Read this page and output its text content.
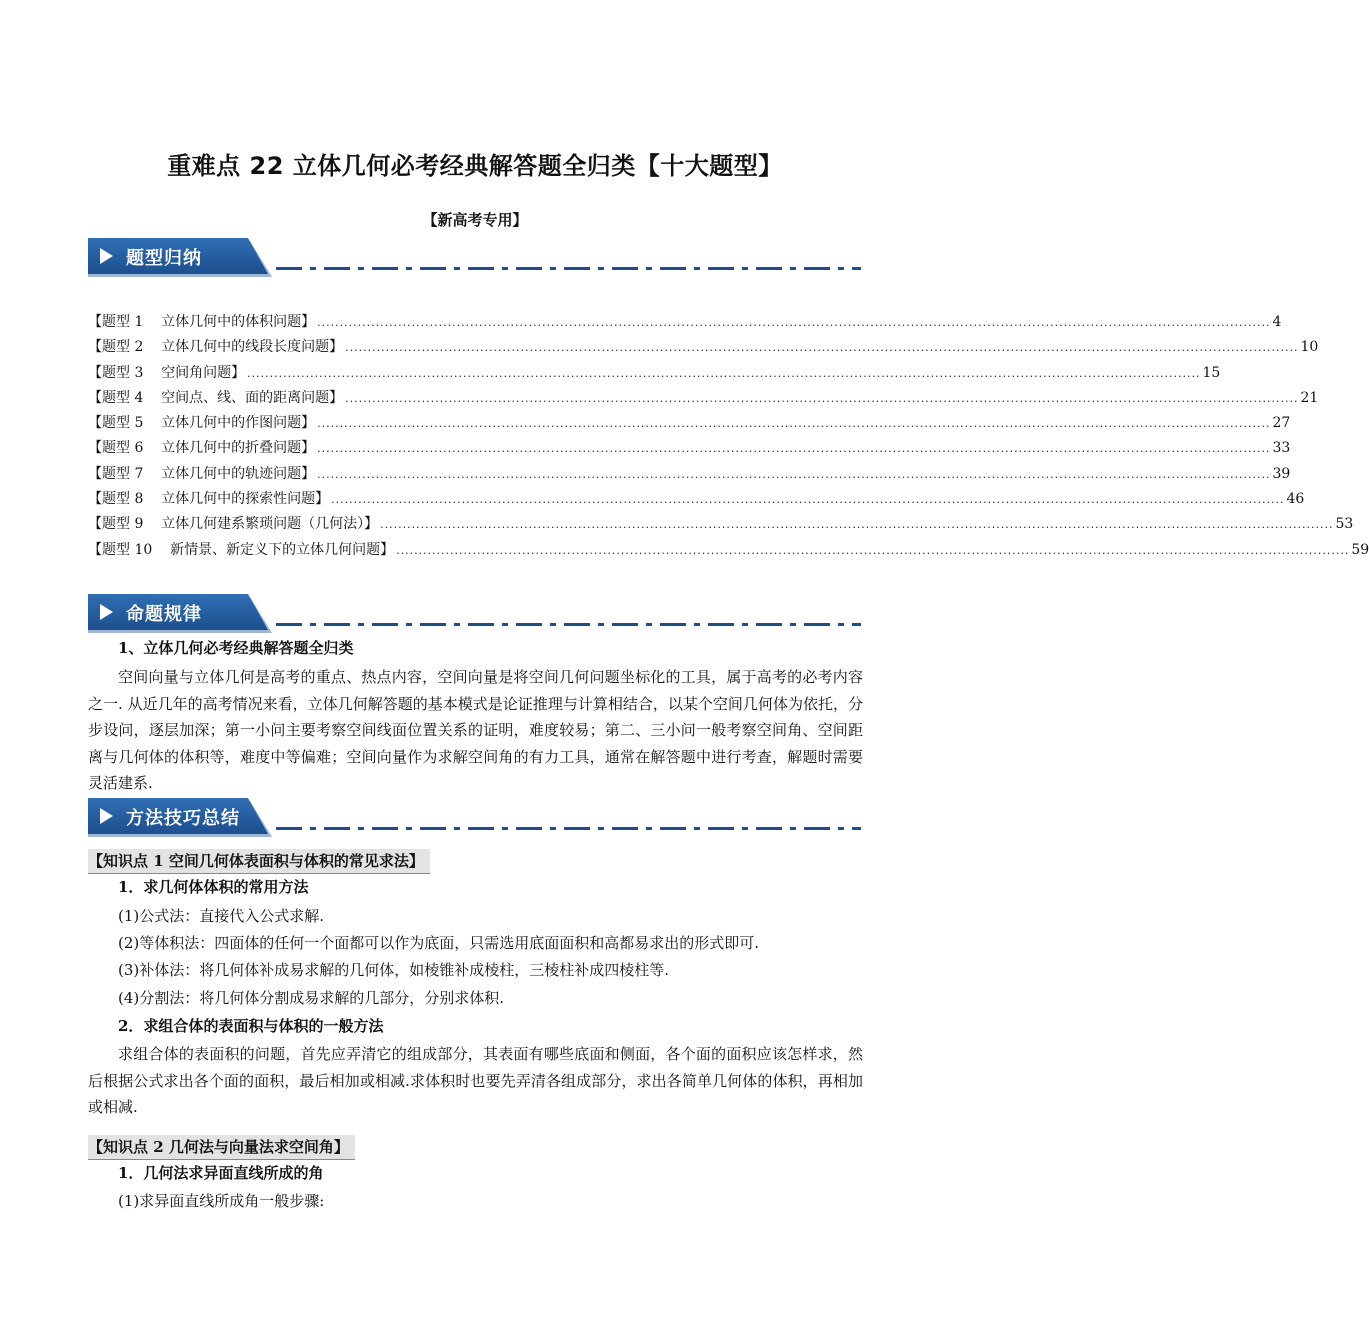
重难点 22 立体几何必考经典解答题全归类【十大题型】
【新高考专用】
题型归纳
【题型 1    立体几何中的体积问题】 .................................................................................................................................................................................................................... 4
【题型 2    立体几何中的线段长度问题】 .................................................................................................................................................................................................................... 10
【题型 3    空间角问题】 .................................................................................................................................................................................................................... 15
【题型 4    空间点、线、面的距离问题】 .................................................................................................................................................................................................................... 21
【题型 5    立体几何中的作图问题】 .................................................................................................................................................................................................................... 27
【题型 6    立体几何中的折叠问题】 .................................................................................................................................................................................................................... 33
【题型 7    立体几何中的轨迹问题】 .................................................................................................................................................................................................................... 39
【题型 8    立体几何中的探索性问题】 .................................................................................................................................................................................................................... 46
【题型 9    立体几何建系繁琐问题（几何法）】 .................................................................................................................................................................................................................... 53
【题型 10    新情景、新定义下的立体几何问题】 .................................................................................................................................................................................................................... 59
命题规律
1、立体几何必考经典解答题全归类
空间向量与立体几何是高考的重点、热点内容，空间向量是将空间几何问题坐标化的工具，属于高考的必考内容之一. 从近几年的高考情况来看，立体几何解答题的基本模式是论证推理与计算相结合，以某个空间几何体为依托，分步设问，逐层加深；第一小问主要考察空间线面位置关系的证明，难度较易；第二、三小问一般考察空间角、空间距离与几何体的体积等，难度中等偏难；空间向量作为求解空间角的有力工具，通常在解答题中进行考查，解题时需要灵活建系.
方法技巧总结
【知识点 1 空间几何体表面积与体积的常见求法】
1．求几何体体积的常用方法
(1)公式法：直接代入公式求解.
(2)等体积法：四面体的任何一个面都可以作为底面，只需选用底面面积和高都易求出的形式即可.
(3)补体法：将几何体补成易求解的几何体，如棱锥补成棱柱，三棱柱补成四棱柱等.
(4)分割法：将几何体分割成易求解的几部分，分别求体积.
2．求组合体的表面积与体积的一般方法
求组合体的表面积的问题，首先应弄清它的组成部分，其表面有哪些底面和侧面，各个面的面积应该怎样求，然后根据公式求出各个面的面积，最后相加或相减.求体积时也要先弄清各组成部分，求出各简单几何体的体积，再相加或相减.
【知识点 2 几何法与向量法求空间角】
1．几何法求异面直线所成的角
(1)求异面直线所成角一般步骤:
